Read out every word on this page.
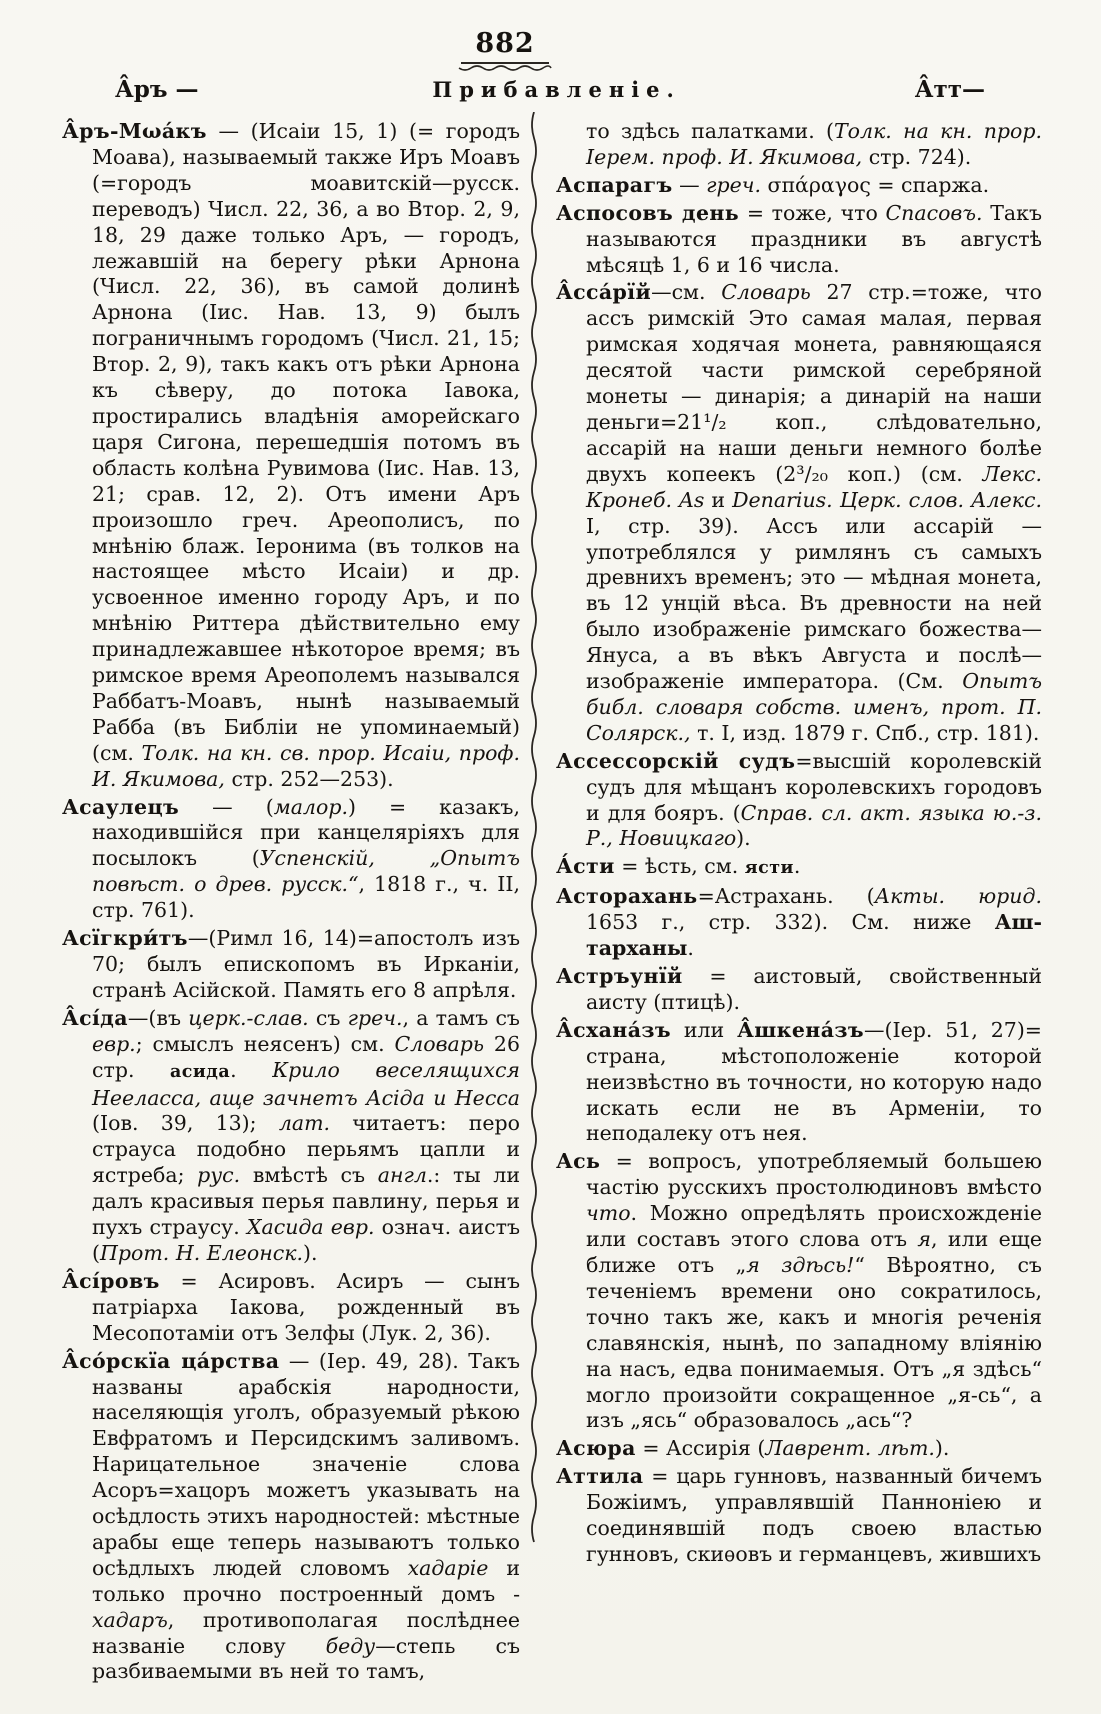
882
А̂ръ —	Прибавленіе.	А̂тт—

А̂ръ-Мωа́къ — (Исаіи 15, 1) (= городъ Моава), называемый также Иръ Моавъ (=городъ моавитскій—русск. переводъ) Числ. 22, 36, а во Втор. 2, 9, 18, 29 даже только Аръ, — городъ, лежавшій на берегу рѣки Арнона (Числ. 22, 36), въ самой долинѣ Арнона (Іис. Нав. 13, 9) былъ пограничнымъ городомъ (Числ. 21, 15; Втор. 2, 9), такъ какъ отъ рѣки Арнона къ сѣверу, до потока Іавока, простирались владѣнія аморейскаго царя Сигона, перешедшія потомъ въ область колѣна Рувимова (Іис. Нав. 13, 21; срав. 12, 2). Отъ имени Аръ произошло греч. Ареополисъ, по мнѣнію блаж. Іеронима (въ толков на настоящее мѣсто Исаіи) и др. усвоенное именно городу Аръ, и по мнѣнію Риттера дѣйствительно ему принадлежавшее нѣкоторое время; въ римское время Ареополемъ назывался Раббатъ-Моавъ, нынѣ называемый Рабба (въ Библіи не упоминаемый) (см. Толк. на кн. св. прор. Исаіи, проф. И. Якимова, стр. 252—253).

Асаулецъ — (малор.) = казакъ, находившійся при канцеляріяхъ для посылокъ (Успенскій, „Опытъ повѣст. о древ. русск.“, 1818 г., ч. II, стр. 761).

Асїгкри́тъ—(Римл 16, 14)=апостолъ изъ 70; былъ епископомъ въ Ирканіи, странѣ Асійской. Память его 8 апрѣля.

А̂сі́да—(въ церк.-слав. съ греч., а тамъ съ евр.; смыслъ неясенъ) см. Словарь 26 стр. асида. Крило веселящихся Нееласса, аще зачнетъ Асіда и Несса (Іов. 39, 13); лат. читаетъ: перо страуса подобно перьямъ цапли и ястреба; рус. вмѣстѣ съ англ.: ты ли далъ красивыя перья павлину, перья и пухъ страусу. Хасида евр. означ. аистъ (Прот. Н. Елеонск.).

А̂сі́ровъ = Асировъ. Асиръ — сынъ патріарха Іакова, рожденный въ Месопотаміи отъ Зелфы (Лук. 2, 36).

А̂со́рскїа ца́рства — (Іер. 49, 28). Такъ названы арабскія народности, населяющія уголъ, образуемый рѣкою Евфратомъ и Персидскимъ заливомъ. Нарицательное значеніе слова Асоръ=хацоръ можетъ указывать на осѣдлость этихъ народностей: мѣстные арабы еще теперь называютъ только осѣдлыхъ людей словомъ хадаріе и только прочно построенный домъ - хадаръ, противополагая послѣднее названіе слову беду—степь съ разбиваемыми въ ней то тамъ,

то здѣсь палатками. (Толк. на кн. прор. Іерем. проф. И. Якимова, стр. 724).

Аспарагъ — греч. σπάραγος = спаржа.

Аспосовъ день = тоже, что Спасовъ. Такъ называются праздники въ августѣ мѣсяцѣ 1, 6 и 16 числа.

А̂сса́рїй—см. Словарь 27 стр.=тоже, что ассъ римскій Это самая малая, первая римская ходячая монета, равняющаяся десятой части римской серебряной монеты — динарія; а динарій на наши деньги=21¹/₂ коп., слѣдовательно, ассарій на наши деньги немного болѣе двухъ копеекъ (2³/₂₀ коп.) (см. Лекс. Кронеб. As и Denarius. Церк. слов. Алекс. I, стр. 39). Ассъ или ассарій — употреблялся у римлянъ съ самыхъ древнихъ временъ; это — мѣдная монета, въ 12 унцій вѣса. Въ древности на ней было изображеніе римскаго божества—Януса, а въ вѣкъ Августа и послѣ—изображеніе императора. (См. Опытъ библ. словаря собств. именъ, прот. П. Солярск., т. I, изд. 1879 г. Спб., стр. 181).

Ассессорскій судъ=высшій королевскій судъ для мѣщанъ королевскихъ городовъ и для бояръ. (Справ. сл. акт. языка ю.-з. Р., Новицкаго).

А́сти = ѣсть, см. ясти.

Асторахань=Астрахань. (Акты. юрид. 1653 г., стр. 332). См. ниже Аш-тарханы.

Астръунїй = аистовый, свойственный аисту (птицѣ).

А̂схана́зъ или А̂шкена́зъ—(Іер. 51, 27)= страна, мѣстоположеніе которой неизвѣстно въ точности, но которую надо искать если не въ Арменіи, то неподалеку отъ нея.

Ась = вопросъ, употребляемый большею частію русскихъ простолюдиновъ вмѣсто что. Можно опредѣлять происхожденіе или составъ этого слова отъ я, или еще ближе отъ „я здѣсь!“ Вѣроятно, съ теченіемъ времени оно сократилось, точно такъ же, какъ и многія реченія славянскія, нынѣ, по западному вліянію на насъ, едва понимаемыя. Отъ „я здѣсь“ могло произойти сокращенное „я-сь“, а изъ „ясь“ образовалось „ась“?

Асюра = Ассирія (Лаврент. лѣт.).

Аттила = царь гунновъ, названный бичемъ Божіимъ, управлявшій Панноніею и соединявшій подъ своею властью гунновъ, скиѳовъ и германцевъ, жившихъ
